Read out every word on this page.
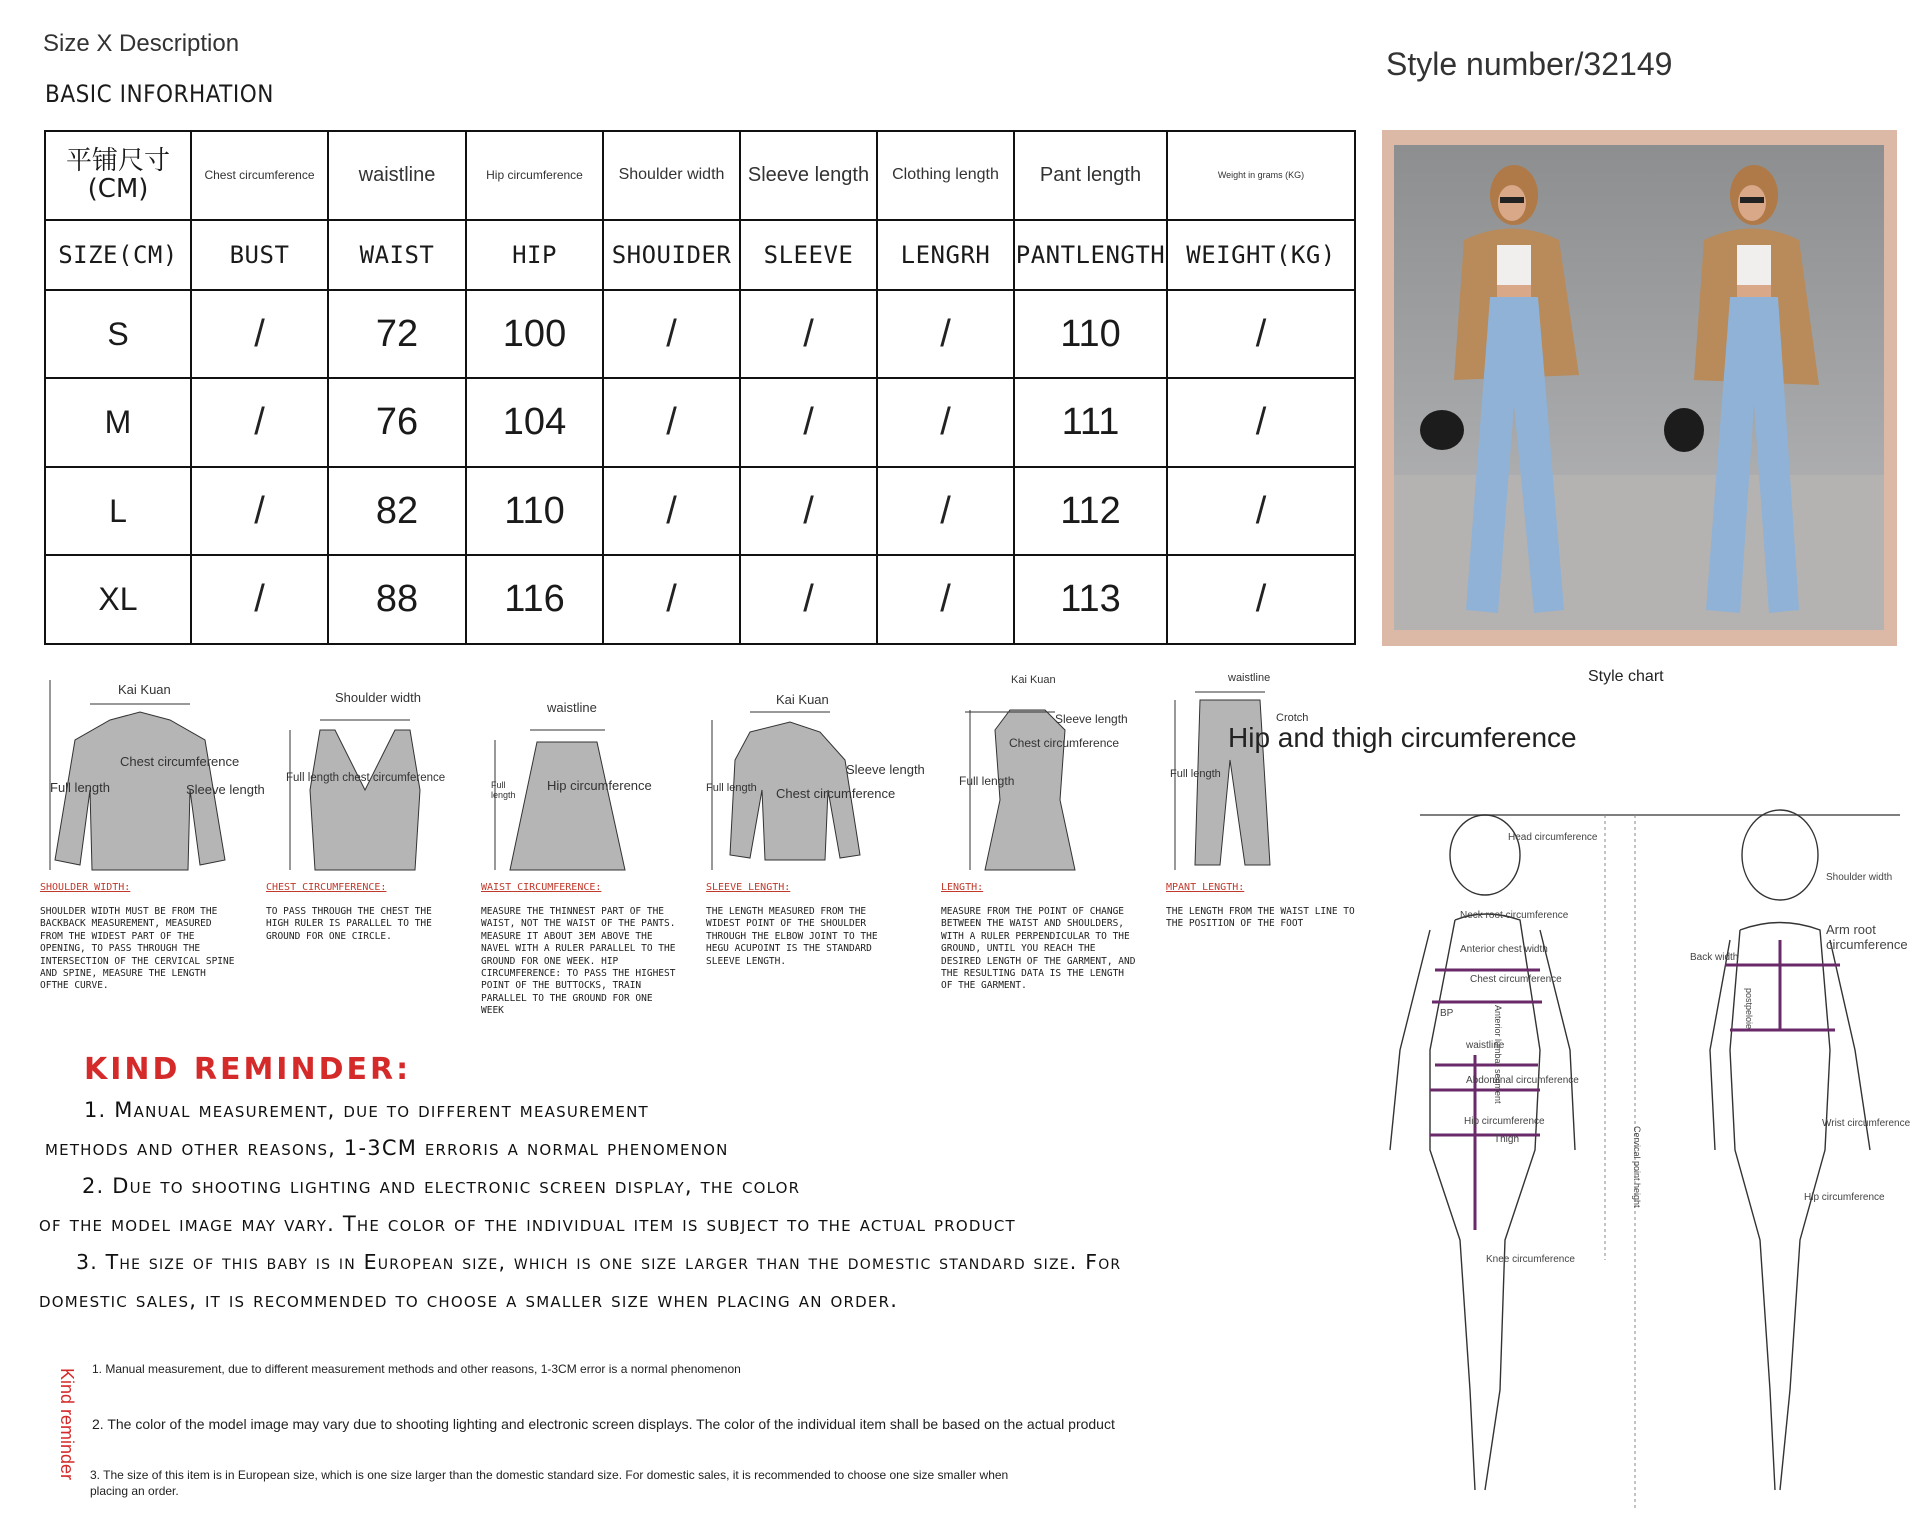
Size X Description
BASIC INFORHATION
Style number/32149
平铺尺寸
(CM)	Chest circumference	waistline	Hip circumference	Shoulder width	Sleeve length	Clothing length	Pant length	Weight in grams (KG)
SIZE(CM)	BUST	WAIST	HIP	SHOUIDER	SLEEVE	LENGRH	PANTLENGTH	WEIGHT(KG)
S	/	72	100	/	/	/	110	/
M	/	76	104	/	/	/	111	/
L	/	82	110	/	/	/	112	/
XL	/	88	116	/	/	/	113	/
Style chart
Kai Kuan
Chest circumference
Full length	Sleeve length
SHOULDER WIDTH:
SHOULDER WIDTH MUST BE FROM THE BACKBACK MEASUREMENT, MEASURED FROM THE WIDEST PART OF THE OPENING, TO PASS THROUGH THE INTERSECTION OF THE CERVICAL SPINE AND SPINE, MEASURE THE LENGTH OFTHE CURVE.
Shoulder width
Full length chest circumference
CHEST CIRCUMFERENCE:
TO PASS THROUGH THE CHEST THE HIGH RULER IS PARALLEL TO THE GROUND FOR ONE CIRCLE.
waistline
Full length
Hip circumference
WAIST CIRCUMFERENCE:
MEASURE THE THINNEST PART OF THE WAIST, NOT THE WAIST OF THE PANTS. MEASURE IT ABOUT 3EM ABOVE THE NAVEL WITH A RULER PARALLEL TO THE GROUND FOR ONE WEEK. HIP CIRCUMFERENCE: TO PASS THE HIGHEST POINT OF THE BUTTOCKS, TRAIN PARALLEL TO THE GROUND FOR ONE WEEK
Kai Kuan
Sleeve length
Full length Chest circumference
SLEEVE LENGTH:
THE LENGTH MEASURED FROM THE WIDEST POINT OF THE SHOULDER THROUGH THE ELBOW JOINT TO THE HEGU ACUPOINT IS THE STANDARD SLEEVE LENGTH.
Kai Kuan
Sleeve length
Chest circumference
Full length
LENGTH:
MEASURE FROM THE POINT OF CHANGE BETWEEN THE WAIST AND SHOULDERS, WITH A RULER PERPENDICULAR TO THE GROUND, UNTIL YOU REACH THE DESIRED LENGTH OF THE GARMENT, AND THE RESULTING DATA IS THE LENGTH OF THE GARMENT.
waistline
Crotch
Full length
MPANT LENGTH:
THE LENGTH FROM THE WAIST LINE TO THE POSITION OF THE FOOT
Hip and thigh circumference
Head circumference
Neck root circumference
Anterior chest width
Chest circumference
BP
waistline
Abdominal circumference
Hip circumference
Thigh
Knee circumference
Anterior lumbar segment
Shoulder width
Arm root circumference
Back width
postpeloie
Wrist circumference
Hip circumference
Cervical point height
KIND REMINDER:
1. Manual measurement, due to different measurement
methods and other reasons, 1-3CM erroris a normal phenomenon
2. Due to shooting lighting and electronic screen display, the color
of the model image may vary. The color of the individual item is subject to the actual product
3. The size of this baby is in European size, which is one size larger than the domestic standard size. For
domestic sales, it is recommended to choose a smaller size when placing an order.
Kind reminder 1. Manual measurement, due to different measurement methods and other reasons, 1-3CM error is a normal phenomenon
2. The color of the model image may vary due to shooting lighting and electronic screen displays. The color of the individual item shall be based on the actual product
3. The size of this item is in European size, which is one size larger than the domestic standard size. For domestic sales, it is recommended to choose one size smaller when
placing an order.
